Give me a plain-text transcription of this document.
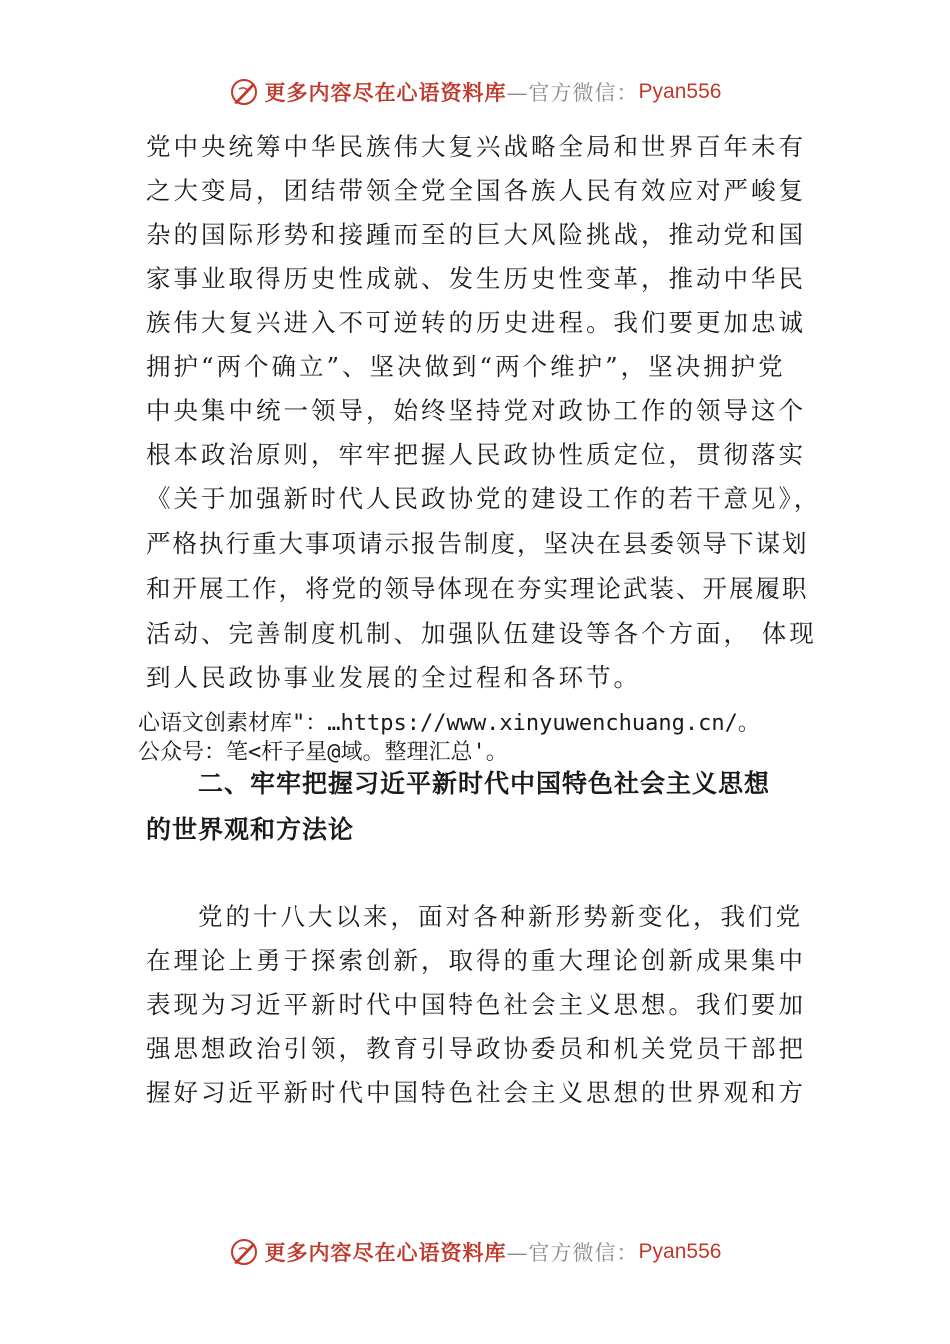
更多内容尽在心语资料库 —官方微信： Pyan556
党中央统筹中华民族伟大复兴战略全局和世界百年未有
之大变局，团结带领全党全国各族人民有效应对严峻复
杂的国际形势和接踵而至的巨大风险挑战，推动党和国
家事业取得历史性成就、发生历史性变革，推动中华民
族伟大复兴进入不可逆转的历史进程。我们要更加忠诚
拥护“两个确立”、坚决做到“两个维护”，坚决拥护党
中央集中统一领导，始终坚持党对政协工作的领导这个
根本政治原则，牢牢把握人民政协性质定位，贯彻落实
《关于加强新时代人民政协党的建设工作的若干意见》，
严格执行重大事项请示报告制度，坚决在县委领导下谋划
和开展工作，将党的领导体现在夯实理论武装、开展履职
活动、完善制度机制、加强队伍建设等各个方面， 体现
到人民政协事业发展的全过程和各环节。
心语文创素材库"：…https://www.xinyuwenchuang.cn/。
公众号：笔<杆子星@域。整理汇总'。
二、牢牢把握习近平新时代中国特色社会主义思想
的世界观和方法论
党的十八大以来，面对各种新形势新变化，我们党
在理论上勇于探索创新，取得的重大理论创新成果集中
表现为习近平新时代中国特色社会主义思想。我们要加
强思想政治引领，教育引导政协委员和机关党员干部把
握好习近平新时代中国特色社会主义思想的世界观和方
更多内容尽在心语资料库 —官方微信： Pyan556
